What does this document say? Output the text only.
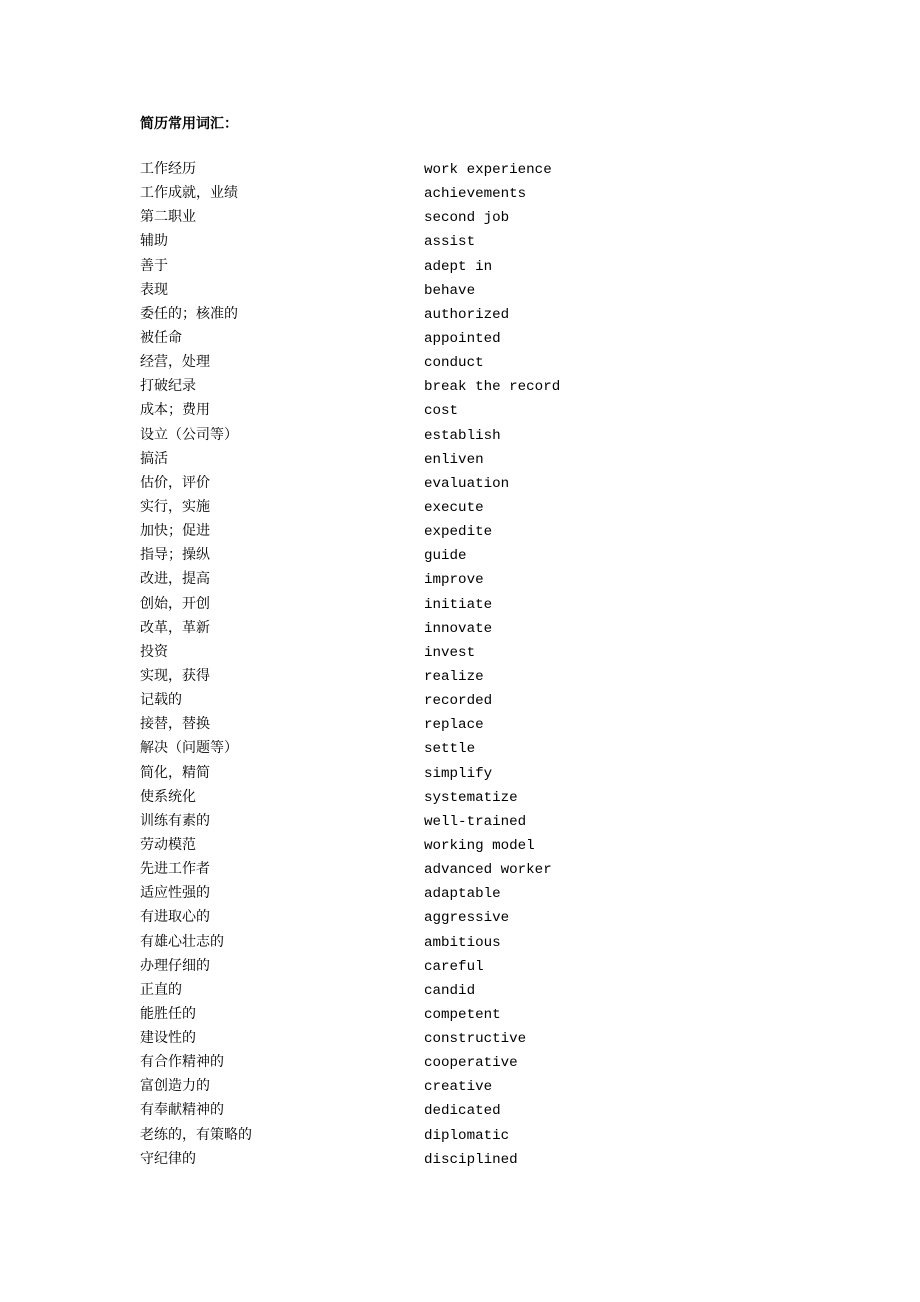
简历常用词汇：
工作经历	work experience
工作成就，业绩	achievements
第二职业	second job
辅助	assist
善于	adept in
表现	behave
委任的；核准的	authorized
被任命	appointed
经营，处理	conduct
打破纪录	break the record
成本；费用	cost
设立（公司等）	establish
搞活	enliven
估价，评价	evaluation
实行，实施	execute
加快；促进	expedite
指导；操纵	guide
改进，提高	improve
创始，开创	initiate
改革，革新	innovate
投资	invest
实现，获得	realize
记载的	recorded
接替，替换	replace
解决（问题等）	settle
简化，精简	simplify
使系统化	systematize
训练有素的	well-trained
劳动模范	working model
先进工作者	advanced worker
适应性强的	adaptable
有进取心的	aggressive
有雄心壮志的	ambitious
办理仔细的	careful
正直的	candid
能胜任的	competent
建设性的	constructive
有合作精神的	cooperative
富创造力的	creative
有奉献精神的	dedicated
老练的，有策略的	diplomatic
守纪律的	disciplined
